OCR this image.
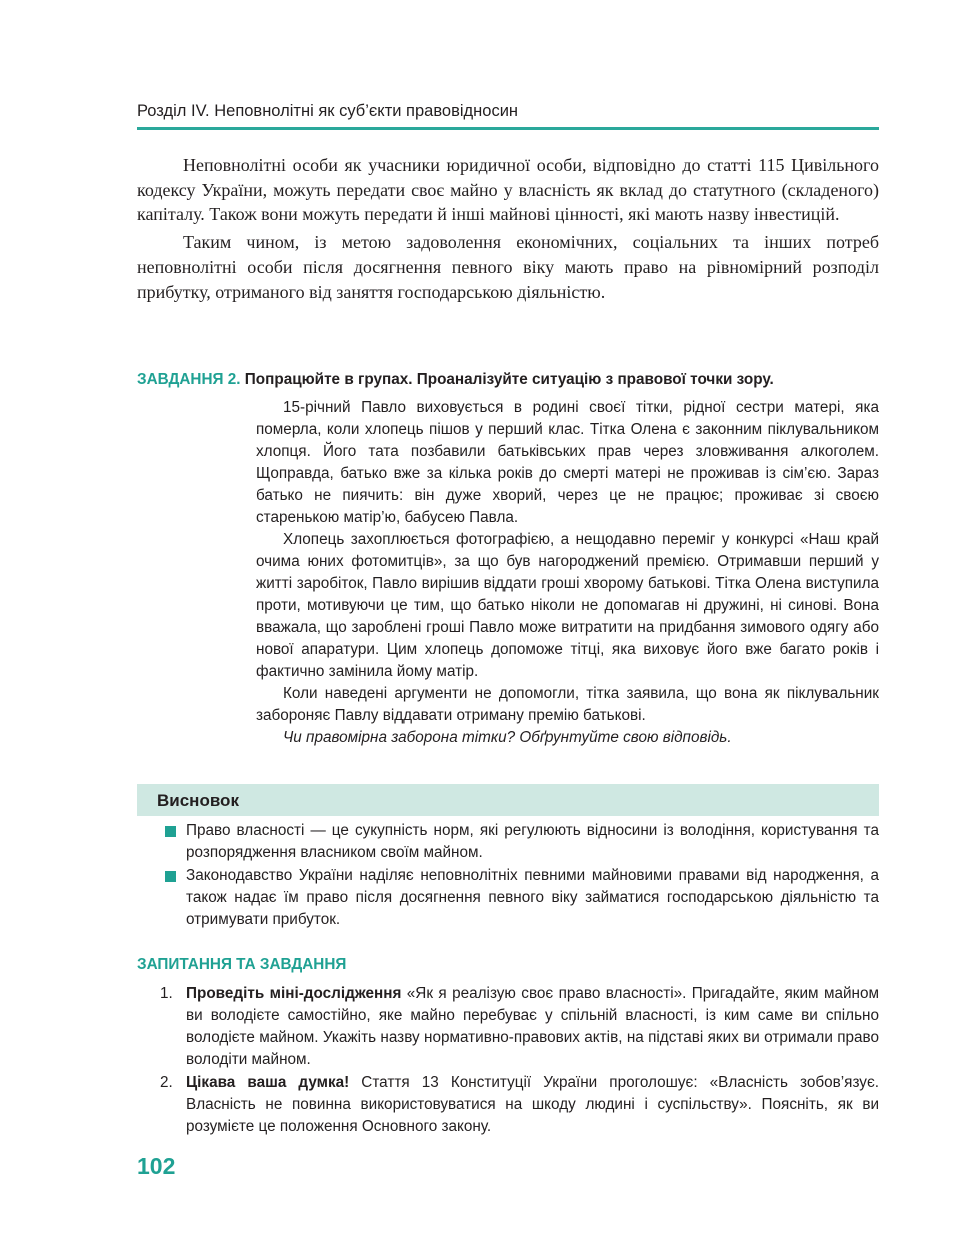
Розділ IV. Неповнолітні як суб’єкти правовідносин

Неповнолітні особи як учасники юридичної особи, відповідно до статті 115 Цивільного кодексу України, можуть передати своє майно у власність як вклад до статутного (складеного) капіталу. Також вони можуть передати й інші майнові цінності, які мають назву інвестицій.

Таким чином, із метою задоволення економічних, соціальних та інших потреб неповнолітні особи після досягнення певного віку мають право на рівномірний розподіл прибутку, отриманого від заняття господарською діяльністю.

ЗАВДАННЯ 2. Попрацюйте в групах. Проаналізуйте ситуацію з правової точки зору.

15-річний Павло виховується в родині своєї тітки, рідної сестри матері, яка померла, коли хлопець пішов у перший клас. Тітка Олена є законним піклувальником хлопця. Його тата позбавили батьківських прав через зловживання алкоголем. Щоправда, батько вже за кілька років до смерті матері не проживав із сім’єю. Зараз батько не пиячить: він дуже хворий, через це не працює; проживає зі своєю старенькою матір’ю, бабусею Павла.

Хлопець захоплюється фотографією, а нещодавно переміг у конкурсі «Наш край очима юних фотомитців», за що був нагороджений премією. Отримавши перший у житті заробіток, Павло вирішив віддати гроші хворому батькові. Тітка Олена виступила проти, мотивуючи це тим, що батько ніколи не допомагав ні дружині, ні синові. Вона вважала, що зароблені гроші Павло може витратити на придбання зимового одягу або нової апаратури. Цим хлопець допоможе тітці, яка виховує його вже багато років і фактично замінила йому матір.

Коли наведені аргументи не допомогли, тітка заявила, що вона як піклувальник забороняє Павлу віддавати отриману премію батькові.

Чи правомірна заборона тітки? Обґрунтуйте свою відповідь.

Висновок
Право власності — це сукупність норм, які регулюють відносини із володіння, користування та розпорядження власником своїм майном.
Законодавство України наділяє неповнолітніх певними майновими правами від народження, а також надає їм право після досягнення певного віку займатися господарською діяльністю та отримувати прибуток.
ЗАПИТАННЯ ТА ЗАВДАННЯ
1. Проведіть міні-дослідження «Як я реалізую своє право власності». Пригадайте, яким майном ви володієте самостійно, яке майно перебуває у спільній власності, із ким саме ви спільно володієте майном. Укажіть назву нормативно-правових актів, на підставі яких ви отримали право володіти майном.
2. Цікава ваша думка! Стаття 13 Конституції України проголошує: «Власність зобов’язує. Власність не повинна використовуватися на шкоду людині і суспільству». Поясніть, як ви розумієте це положення Основного закону.
102
